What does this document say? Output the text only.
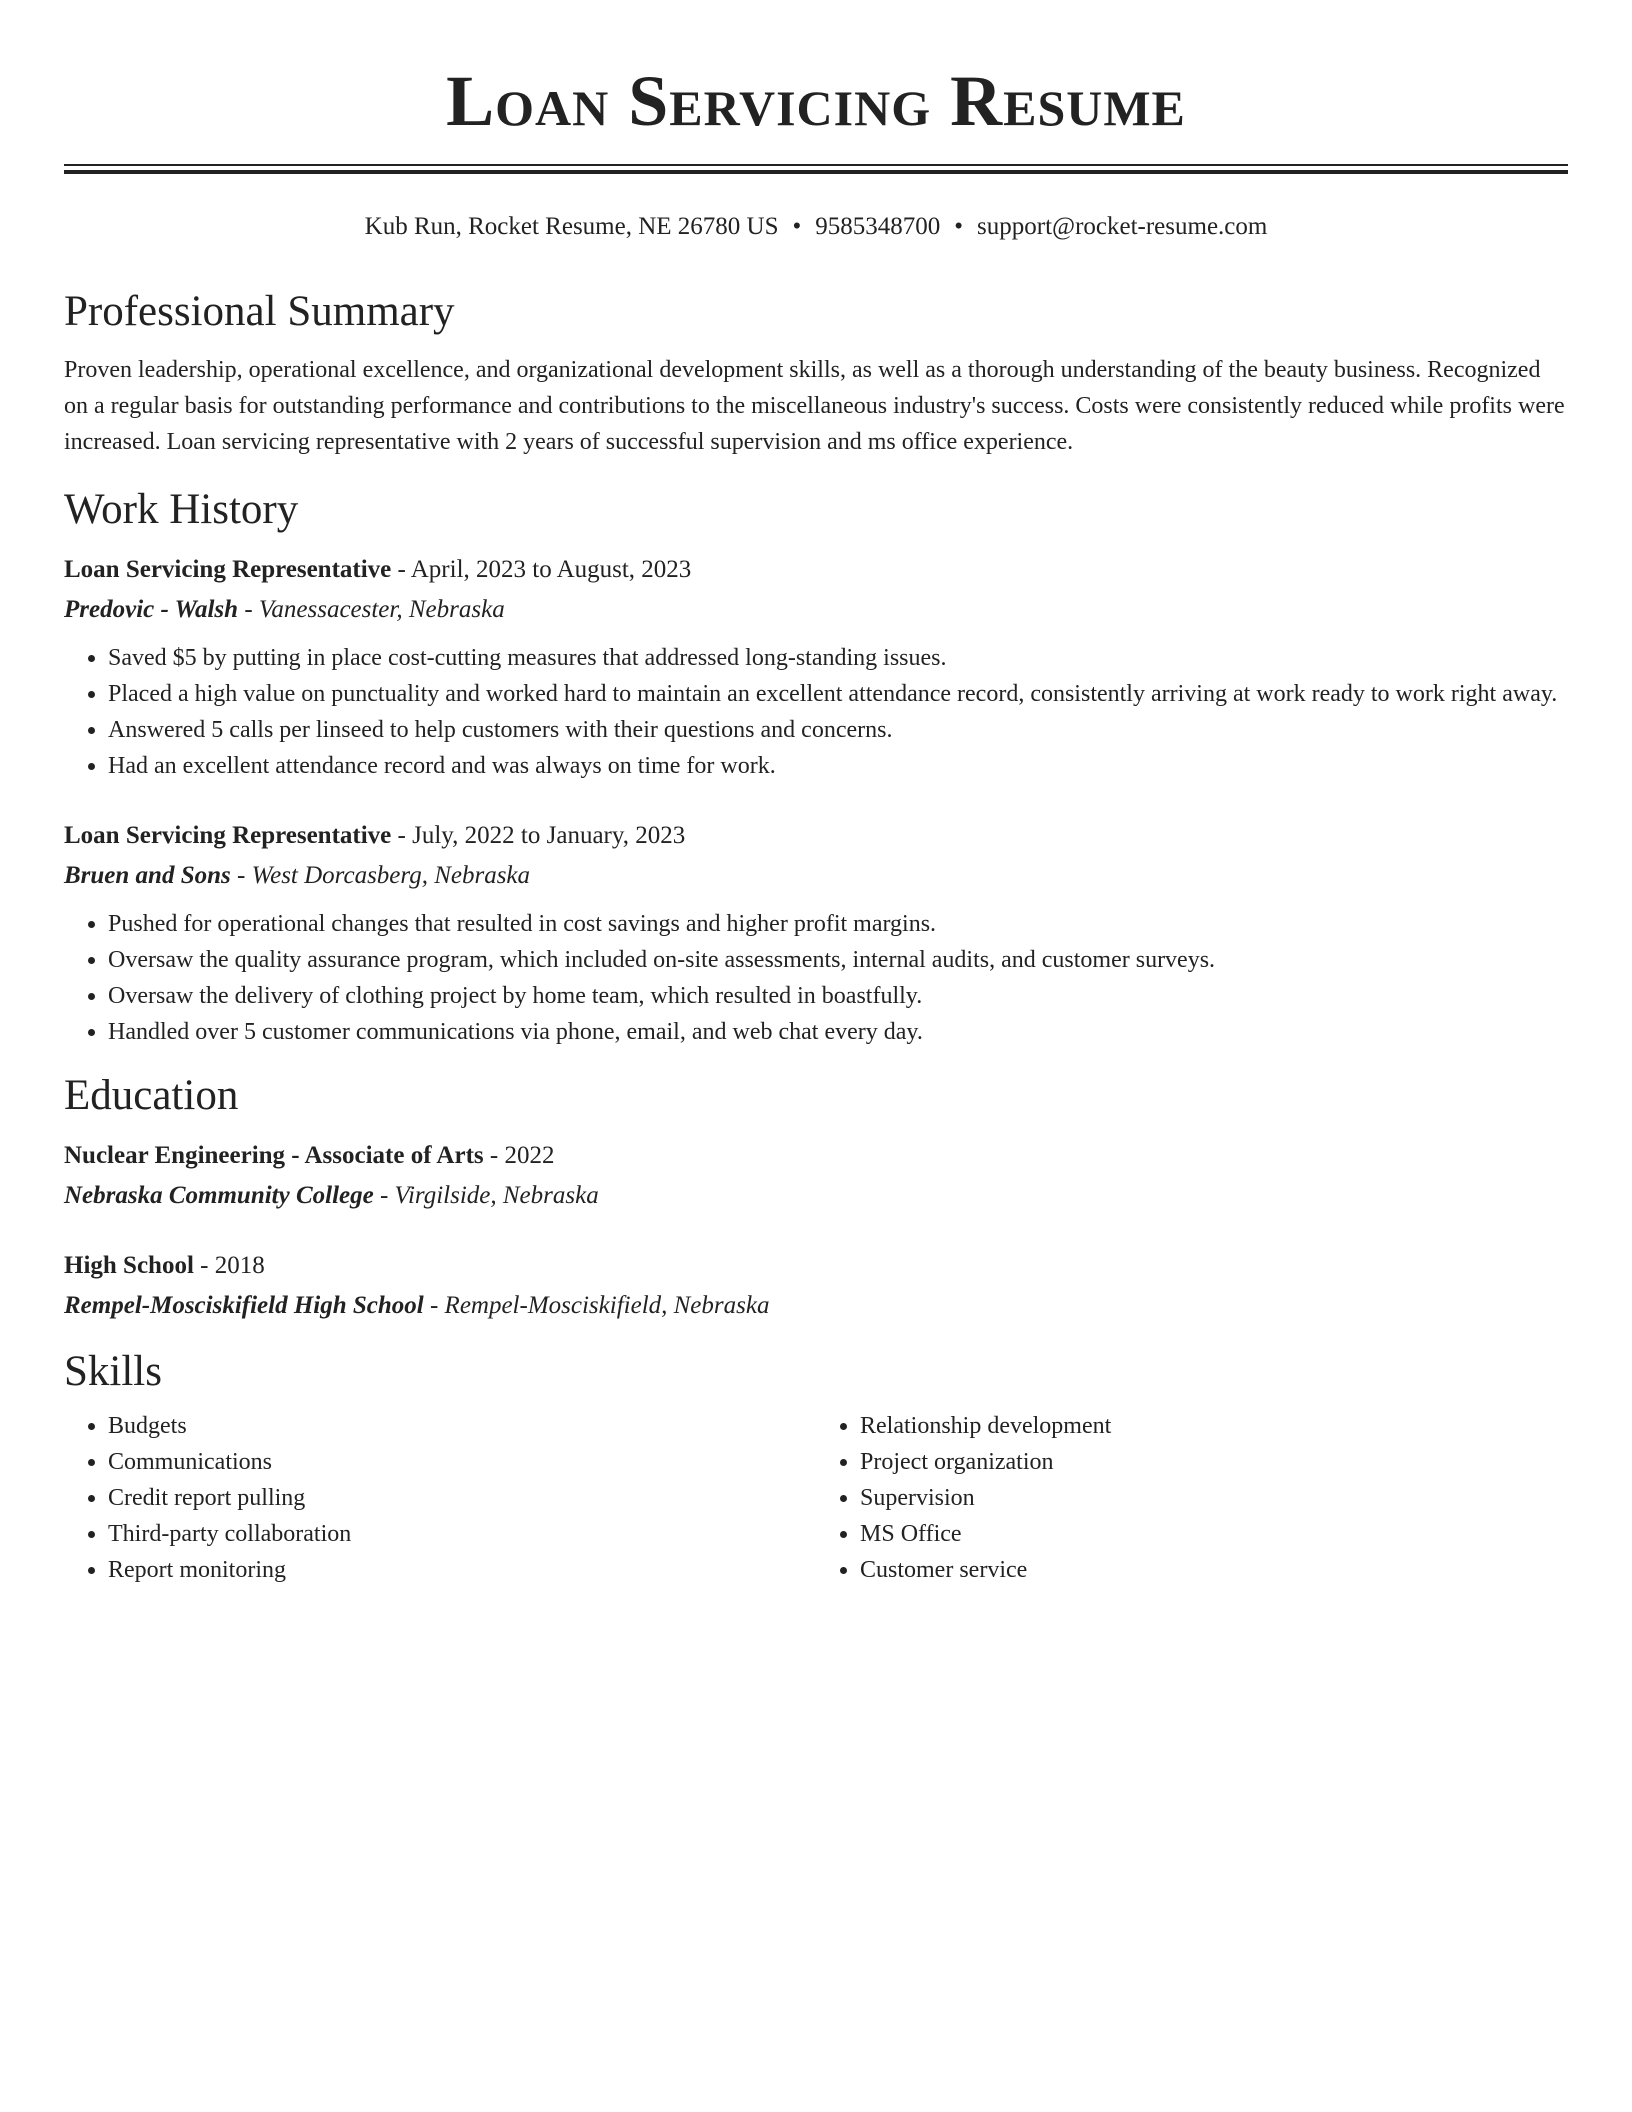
Loan Servicing Resume
Kub Run, Rocket Resume, NE 26780 US • 9585348700 • support@rocket-resume.com
Professional Summary

Proven leadership, operational excellence, and organizational development skills, as well as a thorough understanding of the beauty business. Recognized on a regular basis for outstanding performance and contributions to the miscellaneous industry's success. Costs were consistently reduced while profits were increased. Loan servicing representative with 2 years of successful supervision and ms office experience.

Work History
Loan Servicing Representative - April, 2023 to August, 2023
Predovic - Walsh - Vanessacester, Nebraska
• Saved $5 by putting in place cost-cutting measures that addressed long-standing issues.
• Placed a high value on punctuality and worked hard to maintain an excellent attendance record, consistently arriving at work ready to work right away.
• Answered 5 calls per linseed to help customers with their questions and concerns.
• Had an excellent attendance record and was always on time for work.
Loan Servicing Representative - July, 2022 to January, 2023
Bruen and Sons - West Dorcasberg, Nebraska
• Pushed for operational changes that resulted in cost savings and higher profit margins.
• Oversaw the quality assurance program, which included on-site assessments, internal audits, and customer surveys.
• Oversaw the delivery of clothing project by home team, which resulted in boastfully.
• Handled over 5 customer communications via phone, email, and web chat every day.
Education
Nuclear Engineering - Associate of Arts - 2022
Nebraska Community College - Virgilside, Nebraska
High School - 2018
Rempel-Mosciskifield High School - Rempel-Mosciskifield, Nebraska
Skills
• Budgets
• Communications
• Credit report pulling
• Third-party collaboration
• Report monitoring
• Relationship development
• Project organization
• Supervision
• MS Office
• Customer service
